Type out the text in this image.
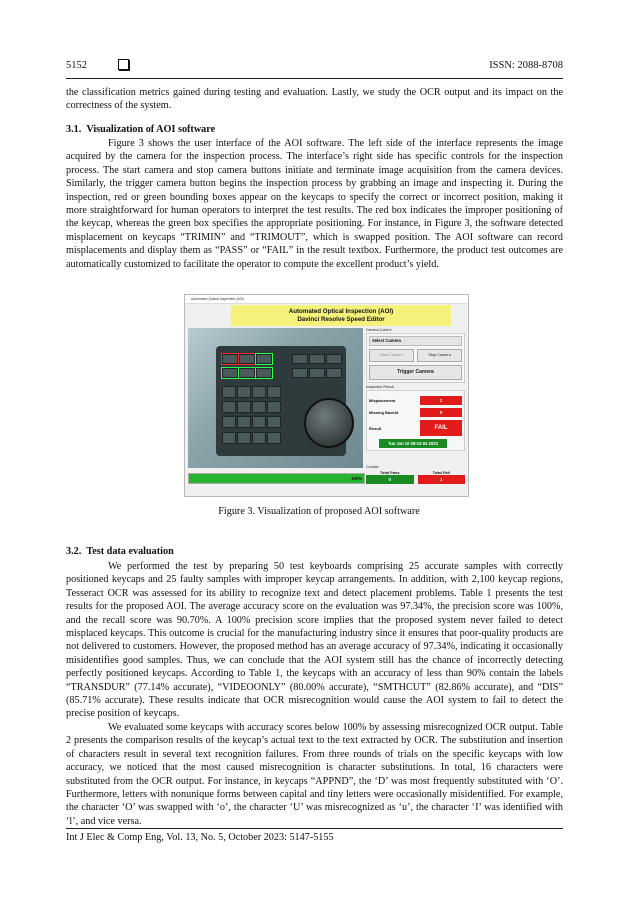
5152	ISSN: 2088-8708

the classification metrics gained during testing and evaluation. Lastly, we study the OCR output and its impact on the correctness of the system.

3.1.  Visualization of AOI software

Figure 3 shows the user interface of the AOI software. The left side of the interface represents the image acquired by the camera for the inspection process. The interface’s right side has specific controls for the inspection process. The start camera and stop camera buttons initiate and terminate image acquisition from the camera devices. Similarly, the trigger camera button begins the inspection process by grabbing an image and inspecting it. During the inspection, red or green bounding boxes appear on the keycaps to specify the correct or incorrect position, making it more straightforward for human operators to interpret the test results. The red box indicates the improper positioning of the keycap, whereas the green box specifies the appropriate positioning. For instance, in Figure 3, the software detected misplacement on keycaps “TRIMIN” and “TRIMOUT”, which is swapped position. The AOI software can record misplacements and display them as “PASS” or “FAIL” in the result textbox. Furthermore, the product test outcomes are automatically customized to facilitate the operator to compute the excellent product’s yield.

Automated Optical Inspection (AOI)
Automated Optical Inspection (AOI)
Davinci Resolve Speed Editor
Camera Control
Select Camera
Start Camera	Stop Camera
Trigger Camera
Inspection Result
Misplacement	2
Missing Backlit	0
Result	FAIL
Tue Jan 10 09:10:04 2023
Counter
Total Pass
0
Total Fail
1
100%
Figure 3. Visualization of proposed AOI software
3.2.  Test data evaluation

We performed the test by preparing 50 test keyboards comprising 25 accurate samples with correctly positioned keycaps and 25 faulty samples with improper keycap arrangements. In addition, with 2,100 keycap regions, Tesseract OCR was assessed for its ability to recognize text and detect placement problems. Table 1 presents the test results for the proposed AOI. The average accuracy score on the evaluation was 97.34%, the precision score was 100%, and the recall score was 90.70%. A 100% precision score implies that the proposed system never failed to detect misplaced keycaps. This outcome is crucial for the manufacturing industry since it ensures that poor-quality products are not delivered to customers. However, the proposed method has an average accuracy of 97.34%, indicating it occasionally misidentifies good samples. Thus, we can conclude that the AOI system still has the chance of incorrectly detecting perfectly positioned keycaps. According to Table 1, the keycaps with an accuracy of less than 90% contain the labels “TRANSDUR” (77.14% accurate), “VIDEOONLY” (80.00% accurate), “SMTHCUT” (82.86% accurate), and “DIS” (85.71% accurate). These results indicate that OCR misrecognition would cause the AOI system to fail to detect the precise position of keycaps.

We evaluated some keycaps with accuracy scores below 100% by assessing misrecognized OCR output. Table 2 presents the comparison results of the keycap’s actual text to the text extracted by OCR. The substitution and insertion of characters result in several text recognition failures. From three rounds of trials on the specific keycaps with low accuracy, we noticed that the most caused misrecognition is character substitutions. In total, 16 characters were substituted from the OCR output. For instance, in keycaps “APPND”, the ‘D’ was most frequently substituted with ‘O’. Furthermore, letters with nonunique forms between capital and tiny letters were occasionally misidentified. For example, the character ‘O’ was swapped with ‘o’, the character ‘U’ was misrecognized as ‘u’, the character ‘I’ was identified with ‘l’, and vice versa.

Int J Elec & Comp Eng, Vol. 13, No. 5, October 2023: 5147-5155
